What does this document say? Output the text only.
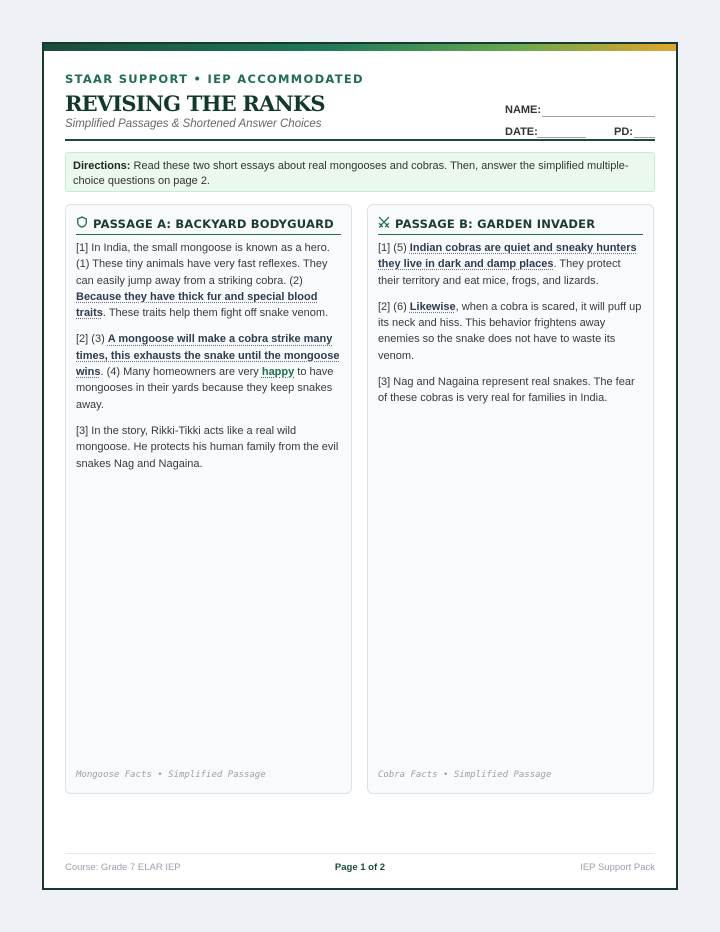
STAAR SUPPORT • IEP ACCOMMODATED
REVISING THE RANKS
Simplified Passages & Shortened Answer Choices
NAME:
DATE:	PD:
Directions: Read these two short essays about real mongooses and cobras. Then, answer the simplified multiple-choice questions on page 2.
PASSAGE A: BACKYARD BODYGUARD

[1] In India, the small mongoose is known as a hero. (1) These tiny animals have very fast reflexes. They can easily jump away from a striking cobra. (2) Because they have thick fur and special blood traits. These traits help them fight off snake venom.

[2] (3) A mongoose will make a cobra strike many times, this exhausts the snake until the mongoose wins. (4) Many homeowners are very happy to have mongooses in their yards because they keep snakes away.

[3] In the story, Rikki-Tikki acts like a real wild mongoose. He protects his human family from the evil snakes Nag and Nagaina.

Mongoose Facts • Simplified Passage
PASSAGE B: GARDEN INVADER

[1] (5) Indian cobras are quiet and sneaky hunters they live in dark and damp places. They protect their territory and eat mice, frogs, and lizards.

[2] (6) Likewise, when a cobra is scared, it will puff up its neck and hiss. This behavior frightens away enemies so the snake does not have to waste its venom.

[3] Nag and Nagaina represent real snakes. The fear of these cobras is very real for families in India.

Cobra Facts • Simplified Passage
Course: Grade 7 ELAR IEP	Page 1 of 2	IEP Support Pack
